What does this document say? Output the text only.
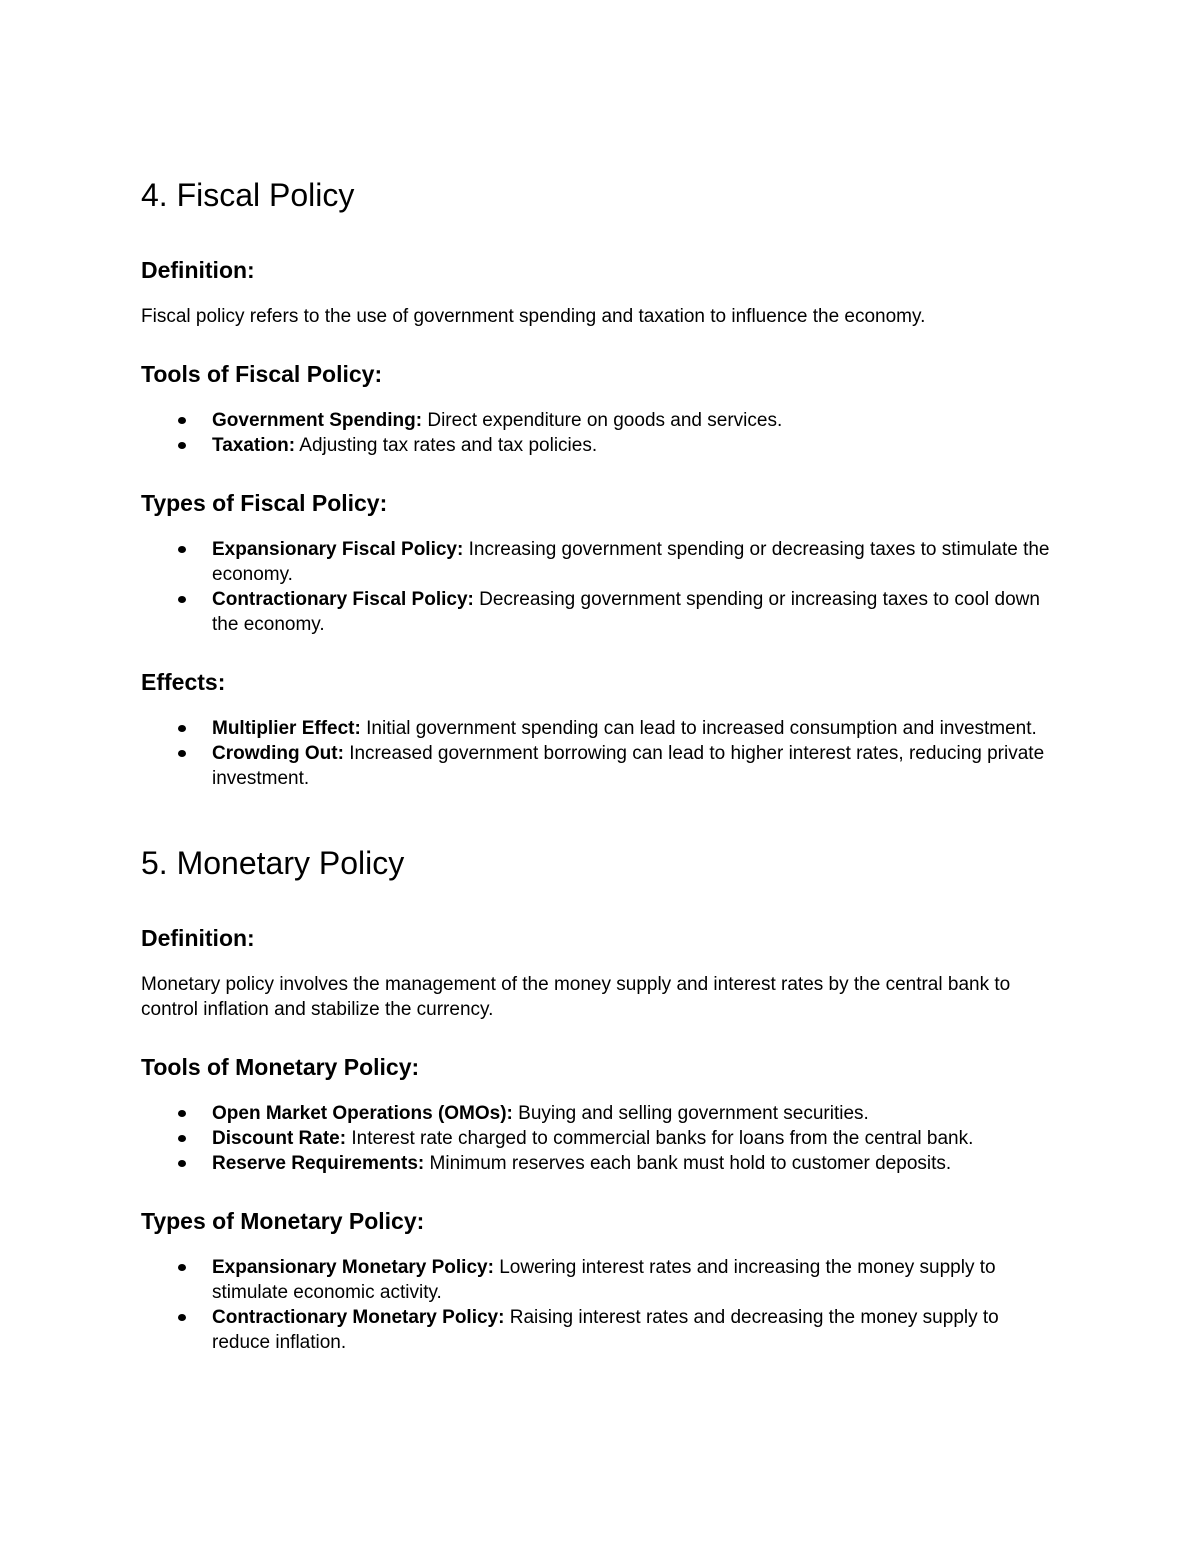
4. Fiscal Policy
Definition:

Fiscal policy refers to the use of government spending and taxation to influence the economy.

Tools of Fiscal Policy:
Government Spending: Direct expenditure on goods and services.
Taxation: Adjusting tax rates and tax policies.
Types of Fiscal Policy:
Expansionary Fiscal Policy: Increasing government spending or decreasing taxes to stimulate the economy.
Contractionary Fiscal Policy: Decreasing government spending or increasing taxes to cool down the economy.
Effects:
Multiplier Effect: Initial government spending can lead to increased consumption and investment.
Crowding Out: Increased government borrowing can lead to higher interest rates, reducing private investment.
5. Monetary Policy
Definition:

Monetary policy involves the management of the money supply and interest rates by the central bank to control inflation and stabilize the currency.

Tools of Monetary Policy:
Open Market Operations (OMOs): Buying and selling government securities.
Discount Rate: Interest rate charged to commercial banks for loans from the central bank.
Reserve Requirements: Minimum reserves each bank must hold to customer deposits.
Types of Monetary Policy:
Expansionary Monetary Policy: Lowering interest rates and increasing the money supply to stimulate economic activity.
Contractionary Monetary Policy: Raising interest rates and decreasing the money supply to reduce inflation.
